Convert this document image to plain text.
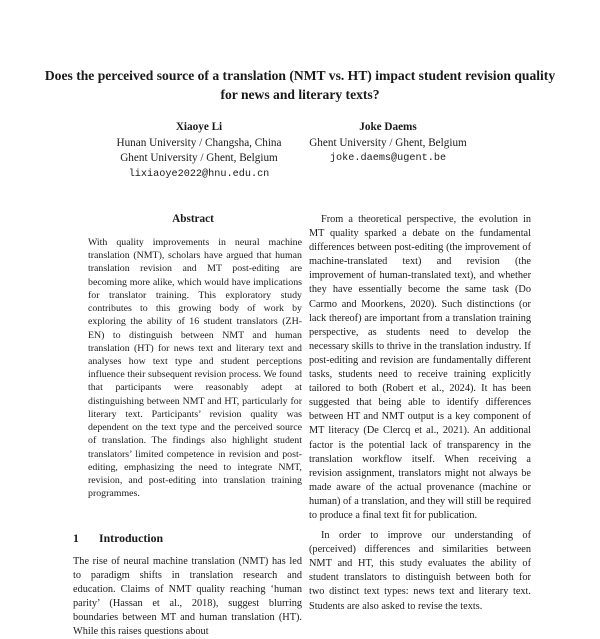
Does the perceived source of a translation (NMT vs. HT) impact student revision quality for news and literary texts?
Xiaoye Li
Hunan University / Changsha, China
Ghent University / Ghent, Belgium
lixiaoye2022@hnu.edu.cn
Joke Daems
Ghent University / Ghent, Belgium
joke.daems@ugent.be
Abstract
With quality improvements in neural machine translation (NMT), scholars have argued that human translation revision and MT post-editing are becoming more alike, which would have implications for translator training. This exploratory study contributes to this growing body of work by exploring the ability of 16 student translators (ZH-EN) to distinguish between NMT and human translation (HT) for news text and literary text and analyses how text type and student perceptions influence their subsequent revision process. We found that participants were reasonably adept at distinguishing between NMT and HT, particularly for literary text. Participants’ revision quality was dependent on the text type and the perceived source of translation. The findings also highlight student translators’ limited competence in revision and post-editing, emphasizing the need to integrate NMT, revision, and post-editing into translation training programmes.
1 Introduction
The rise of neural machine translation (NMT) has led to paradigm shifts in translation research and education. Claims of NMT quality reaching ‘human parity’ (Hassan et al., 2018), suggest blurring boundaries between MT and human translation (HT). While this raises questions about

From a theoretical perspective, the evolution in MT quality sparked a debate on the fundamental differences between post-editing (the improvement of machine-translated text) and revision (the improvement of human-translated text), and whether they have essentially become the same task (Do Carmo and Moorkens, 2020). Such distinctions (or lack thereof) are important from a translation training perspective, as students need to develop the necessary skills to thrive in the translation industry. If post-editing and revision are fundamentally different tasks, students need to receive training explicitly tailored to both (Robert et al., 2024). It has been suggested that being able to identify differences between HT and NMT output is a key component of MT literacy (De Clercq et al., 2021). An additional factor is the potential lack of transparency in the translation workflow itself. When receiving a revision assignment, translators might not always be made aware of the actual provenance (machine or human) of a translation, and they will still be required to produce a final text fit for publication.

In order to improve our understanding of (perceived) differences and similarities between NMT and HT, this study evaluates the ability of student translators to distinguish between both for two distinct text types: news text and literary text. Students are also asked to revise the texts.
